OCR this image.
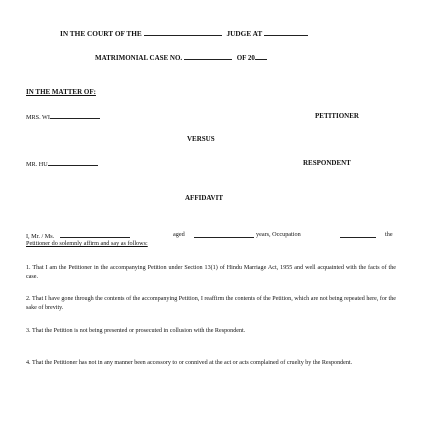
IN THE COURT OF THE	JUDGE AT
MATRIMONIAL CASE NO.	OF 20
IN THE MATTER OF:
MRS. WI	PETITIONER
VERSUS
MR. HU	RESPONDENT
AFFIDAVIT
I, Mr. / Ms.	aged	years, Occupation	the
Petitioner do solemnly affirm and say as follows:

1. That I am the Petitioner in the accompanying Petition under Section 13(1) of Hindu Marriage Act, 1955 and well acquainted with the facts of the case.

2. That I have gone through the contents of the accompanying Petition, I reaffirm the contents of the Petition, which are not being repeated here, for the sake of brevity.

3. That the Petition is not being presented or prosecuted in collusion with the Respondent.

4. That the Petitioner has not in any manner been accessory to or connived at the act or acts complained of cruelty by the Respondent.
